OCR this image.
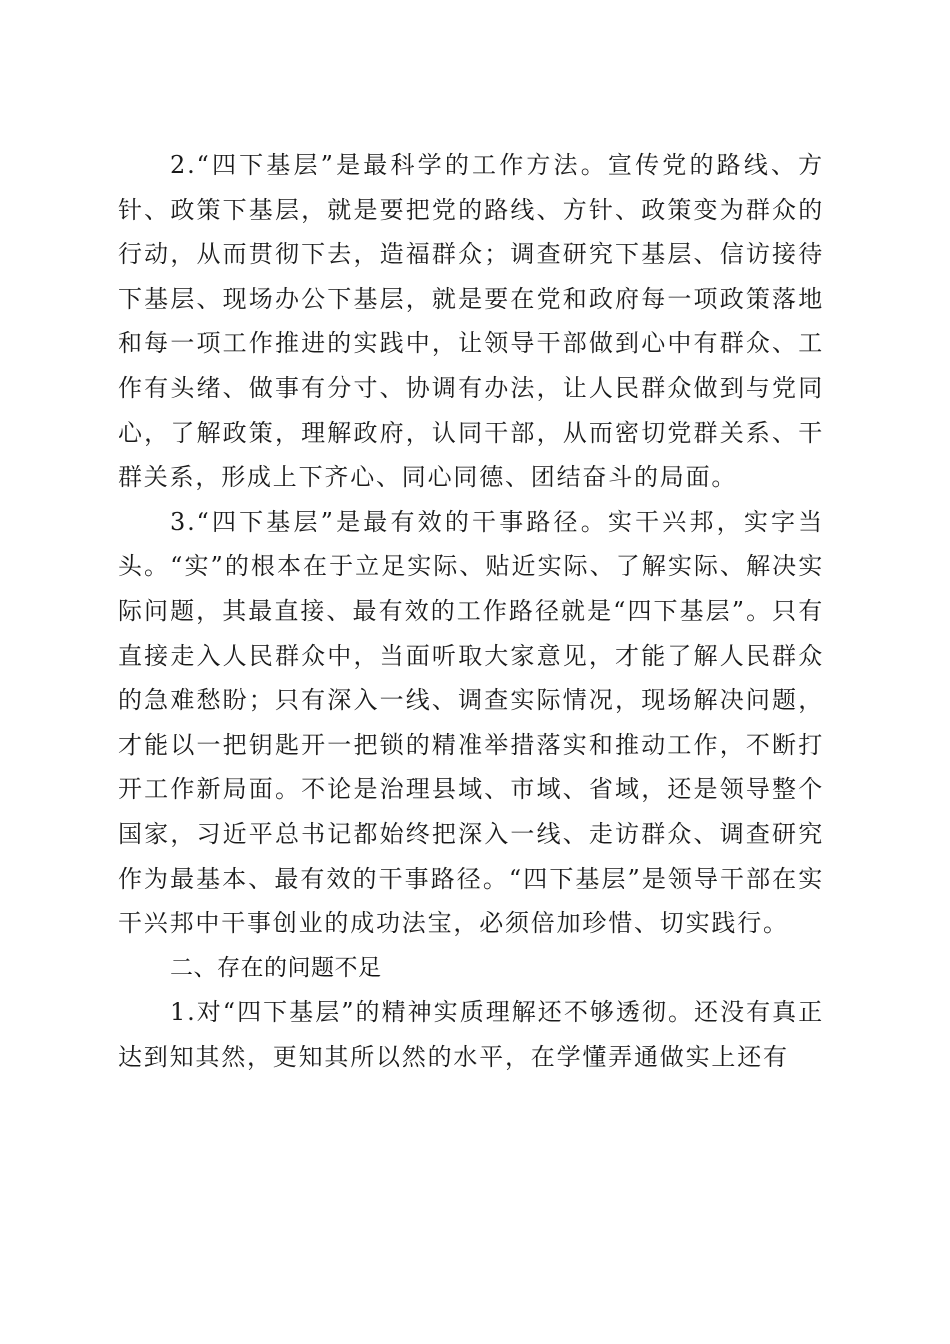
2.“四下基层”是最科学的工作方法。宣传党的路线、方针、政策下基层，就是要把党的路线、方针、政策变为群众的行动，从而贯彻下去，造福群众；调查研究下基层、信访接待下基层、现场办公下基层，就是要在党和政府每一项政策落地和每一项工作推进的实践中，让领导干部做到心中有群众、工作有头绪、做事有分寸、协调有办法，让人民群众做到与党同心，了解政策，理解政府，认同干部，从而密切党群关系、干群关系，形成上下齐心、同心同德、团结奋斗的局面。

3.“四下基层”是最有效的干事路径。实干兴邦，实字当头。“实”的根本在于立足实际、贴近实际、了解实际、解决实际问题，其最直接、最有效的工作路径就是“四下基层”。只有直接走入人民群众中，当面听取大家意见，才能了解人民群众的急难愁盼；只有深入一线、调查实际情况，现场解决问题，才能以一把钥匙开一把锁的精准举措落实和推动工作，不断打开工作新局面。不论是治理县域、市域、省域，还是领导整个国家，习近平总书记都始终把深入一线、走访群众、调查研究作为最基本、最有效的干事路径。“四下基层”是领导干部在实干兴邦中干事创业的成功法宝，必须倍加珍惜、切实践行。

二、存在的问题不足

1.对“四下基层”的精神实质理解还不够透彻。还没有真正达到知其然，更知其所以然的水平，在学懂弄通做实上还有
